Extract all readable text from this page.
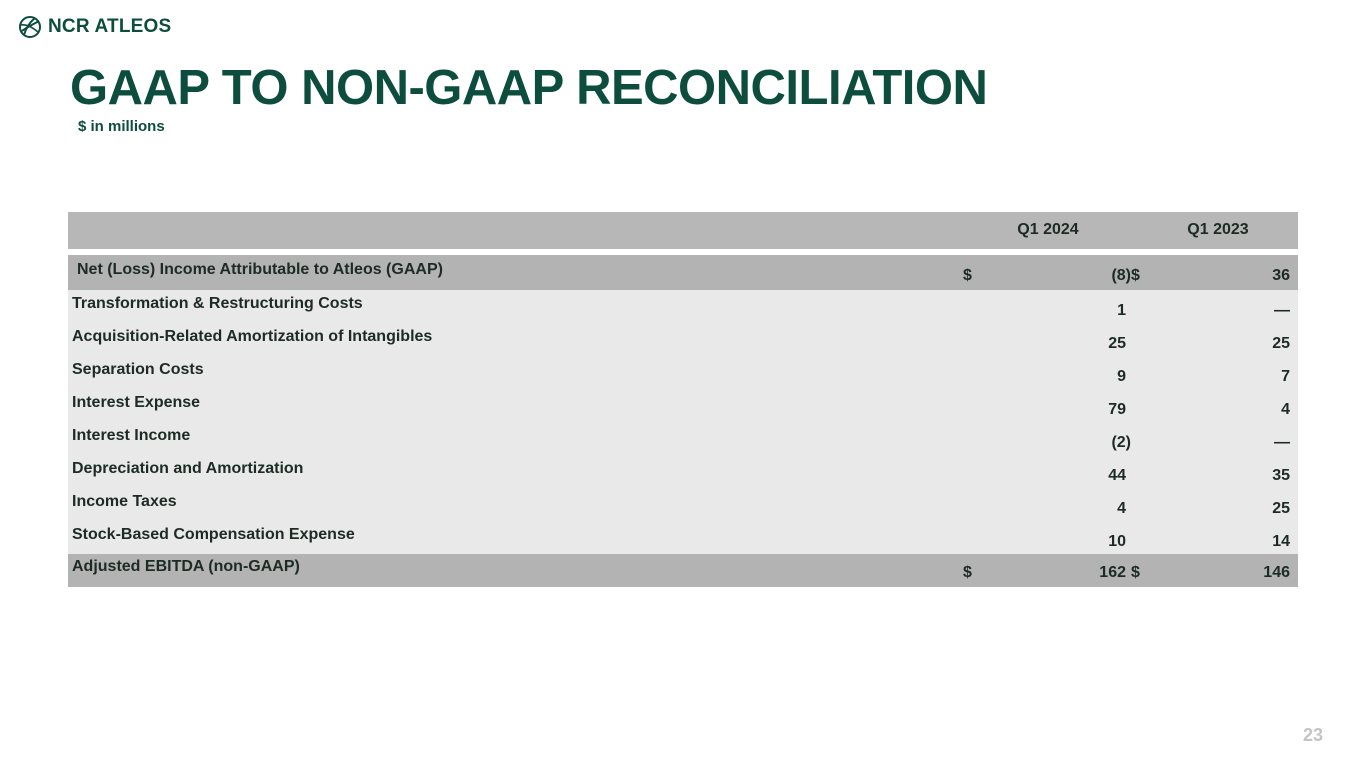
NCR ATLEOS
GAAP TO NON-GAAP RECONCILIATION
$ in millions
Q1 2024	Q1 2023
Net (Loss) Income Attributable to Atleos (GAAP)	$	(8) $	36
Transformation & Restructuring Costs	1	—
Acquisition-Related Amortization of Intangibles	25	25
Separation Costs	9	7
Interest Expense	79	4
Interest Income	(2)	—
Depreciation and Amortization	44	35
Income Taxes	4	25
Stock-Based Compensation Expense	10	14
Adjusted EBITDA (non-GAAP)	$	162 $	146
23
